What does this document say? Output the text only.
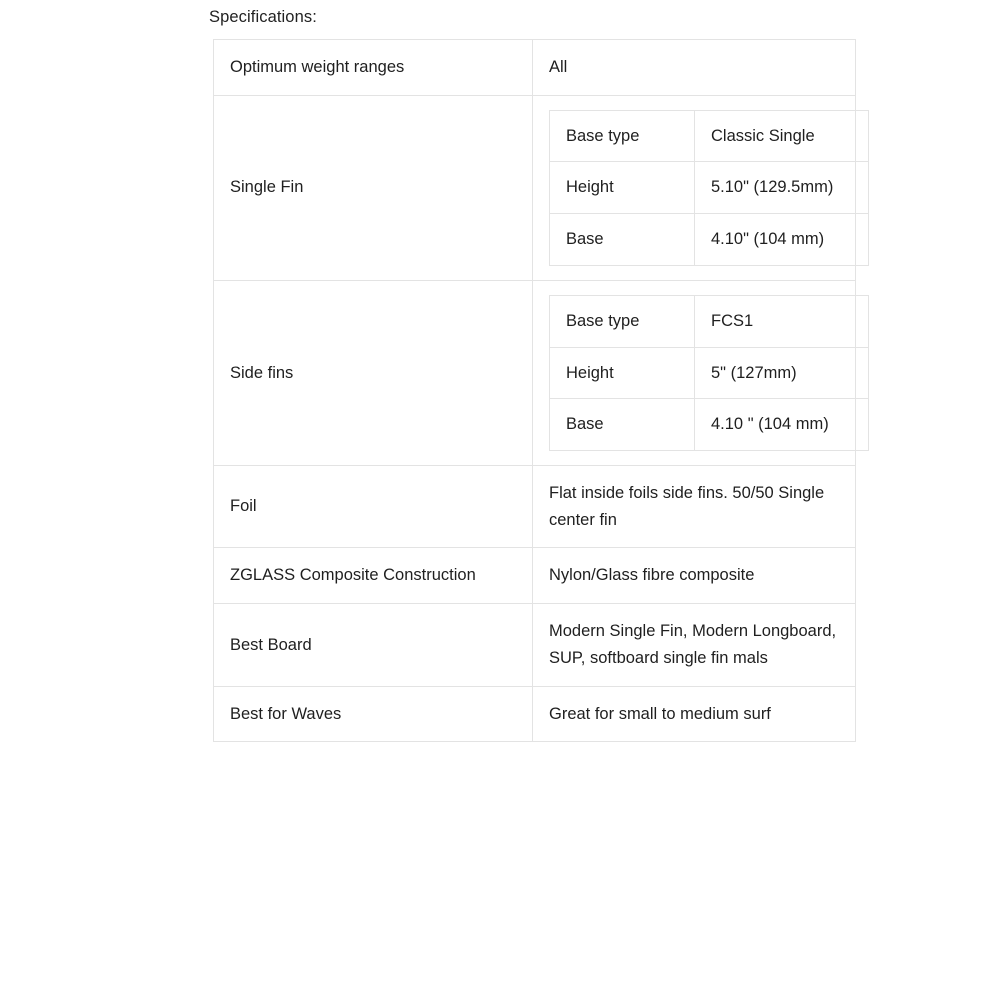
Specifications:
Optimum weight ranges	All
Single Fin	
Base type	Classic Single
Height	5.10" (129.5mm)
Base	4.10" (104 mm)

Side fins	
Base type	FCS1
Height	5" (127mm)
Base	4.10 " (104 mm)

Foil	Flat inside foils side fins. 50/50 Single center fin
ZGLASS Composite Construction	Nylon/Glass fibre composite
Best Board	Modern Single Fin, Modern Longboard, SUP, softboard single fin mals
Best for Waves	Great for small to medium surf
